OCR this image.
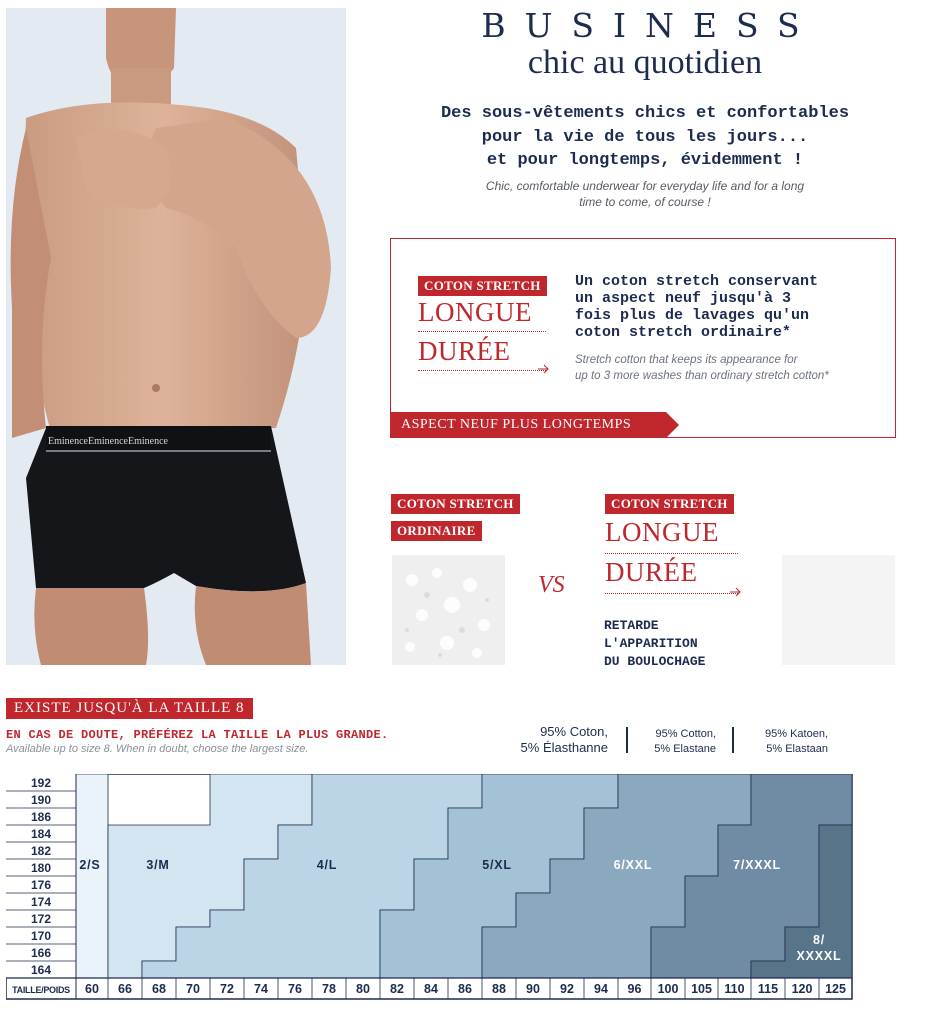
EminenceEminenceEminence
BUSINESS
chic au quotidien
Des sous-vêtements chics et confortables
pour la vie de tous les jours...
et pour longtemps, évidemment !
Chic, comfortable underwear for everyday life and for a long
time to come, of course !
COTON STRETCH
LONGUE
DURÉE
Un coton stretch conservant
un aspect neuf jusqu'à 3
fois plus de lavages qu'un
coton stretch ordinaire*
Stretch cotton that keeps its appearance for
up to 3 more washes than ordinary stretch cotton*
ASPECT NEUF PLUS LONGTEMPS
COTON STRETCH
ORDINAIRE
VS
COTON STRETCH
LONGUE
DURÉE
RETARDE
L'APPARITION
DU BOULOCHAGE
EXISTE JUSQU'À LA TAILLE 8
EN CAS DE DOUTE, PRÉFÉREZ LA TAILLE LA PLUS GRANDE.
Available up to size 8. When in doubt, choose the largest size.
95% Coton,
5% Élasthanne
95% Cotton,
5% Elastane
95% Katoen,
5% Elastaan
192
190
186
184
182
180
176
174
172
170
166
164
TAILLE/POIDS 60 66 68 70 72 74 76 78 80 82 84 86 88 90 92 94 96 100 105 110 115 120 125
2/S	3/M	4/L	5/XL	6/XXL	7/XXXL
8/
XXXXL
